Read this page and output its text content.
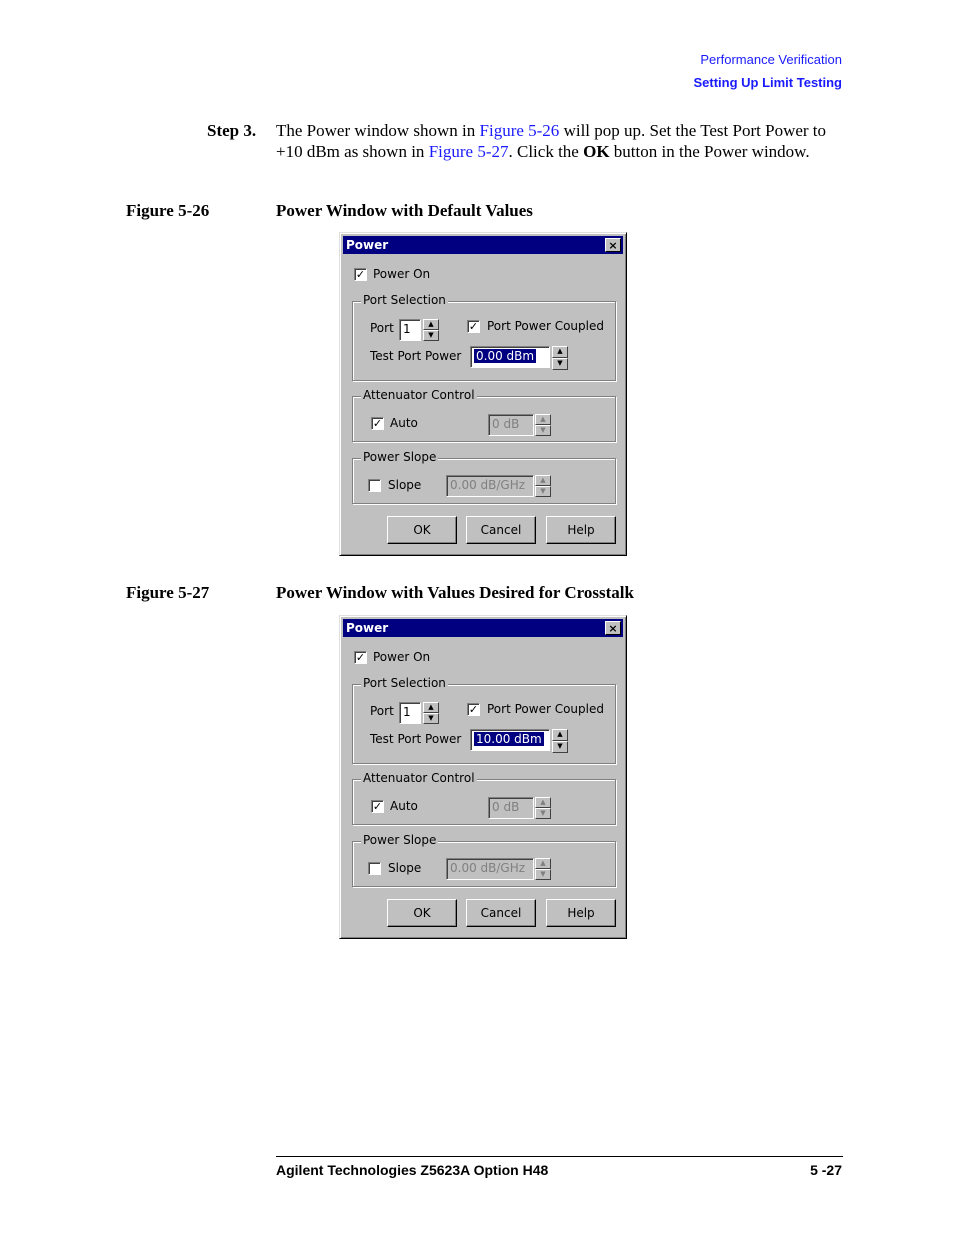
Performance Verification
Setting Up Limit Testing
Step 3. The Power window shown in Figure 5-26 will pop up. Set the Test Port Power to +10 dBm as shown in Figure 5-27. Click the OK button in the Power window.
Figure 5-26	Power Window with Default Values
Power	×
✓ Power On
Port Selection
Port 1	▲
▼
✓ Port Power Coupled
Test Port Power	0.00 dBm	▲
▼
Attenuator Control
✓ Auto	0 dB	▲
▼
Power Slope
Slope	0.00 dB/GHz	▲
▼
OK	Cancel	Help
Figure 5-27	Power Window with Values Desired for Crosstalk
Power	×
✓ Power On
Port Selection
Port 1	▲
▼
✓ Port Power Coupled
Test Port Power	10.00 dBm	▲
▼
Attenuator Control
✓ Auto	0 dB	▲
▼
Power Slope
Slope	0.00 dB/GHz	▲
▼
OK	Cancel	Help
Agilent Technologies Z5623A Option H48	5 -27
